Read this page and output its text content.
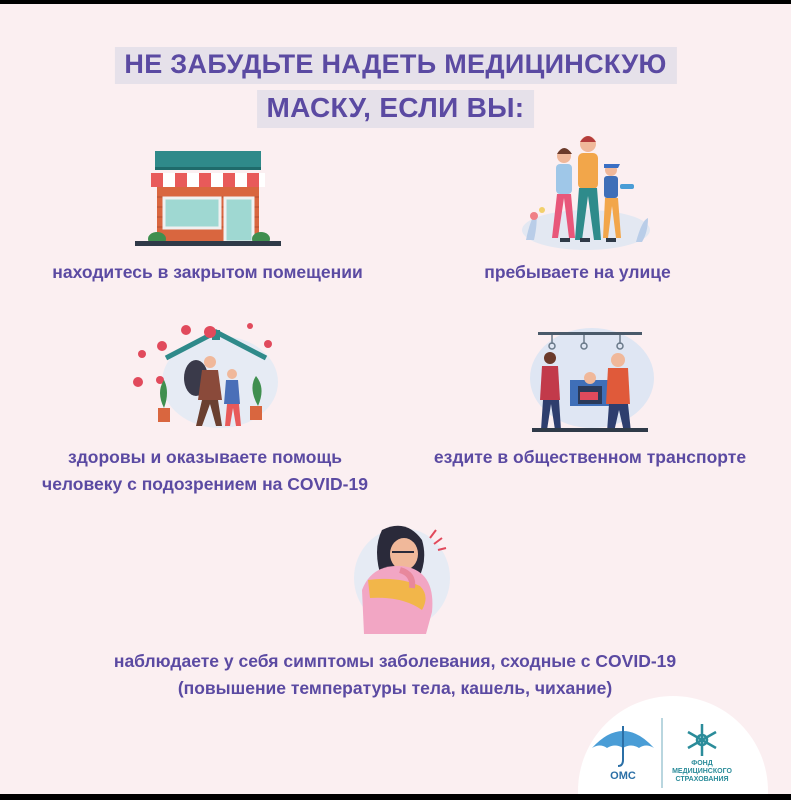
НЕ ЗАБУДЬТЕ НАДЕТЬ МЕДИЦИНСКУЮ
МАСКУ, ЕСЛИ ВЫ:
находитесь в закрытом помещении	пребываете на улице
здоровы и оказываете помощь
человеку с подозрением на COVID-19
ездите в общественном транспорте
наблюдаете у себя симптомы заболевания, сходные с COVID-19
(повышение температуры тела, кашель, чихание)
ОМС
ФОНД
МЕДИЦИНСКОГО
СТРАХОВАНИЯ
